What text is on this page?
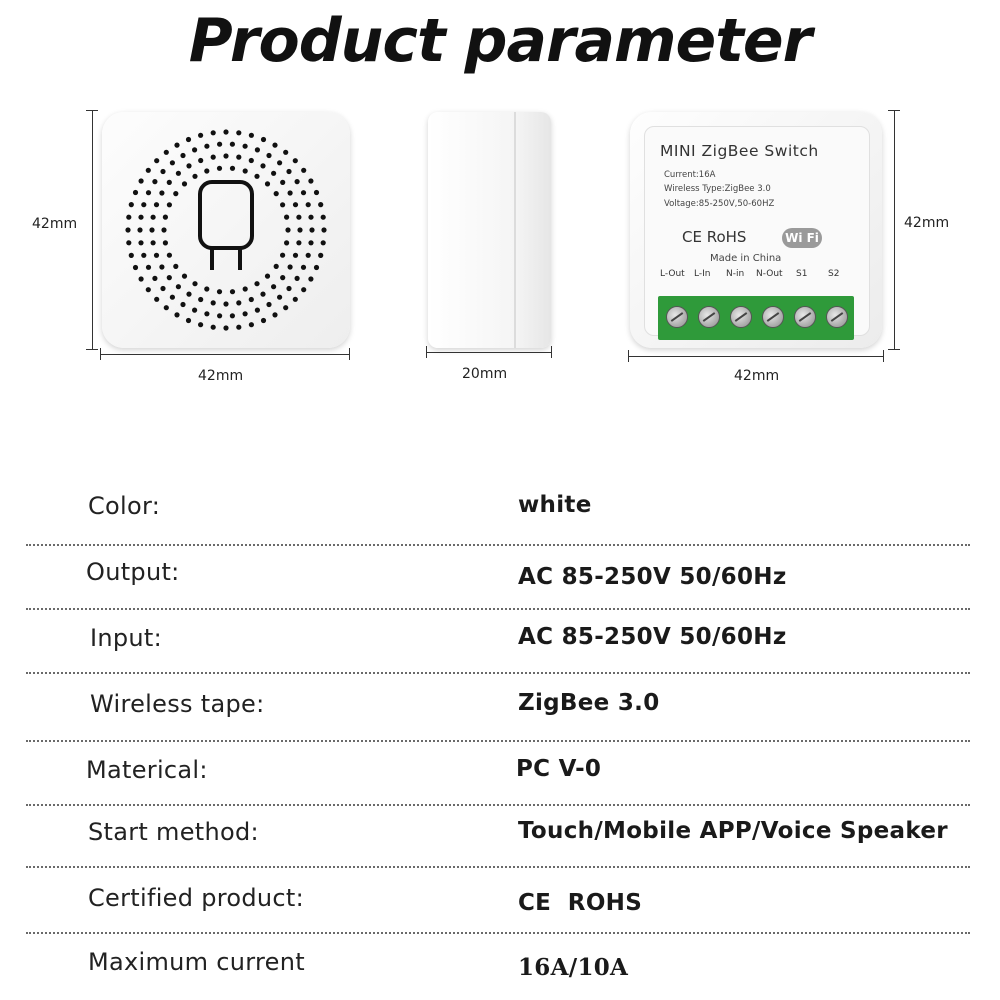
Product parameter
42mm
42mm	20mm
MINI ZigBee Switch
Current:16A
Wireless Type:ZigBee 3.0
Voltage:85-250V,50-60HZ
CE RoHS	Wi Fi
Made in China
L-Out L-In N-in N-Out S1 S2
42mm
42mm
Color:	white
Output:	AC 85-250V 50/60Hz
Input:	AC 85-250V 50/60Hz
Wireless tape:	ZigBee 3.0
Materical:	PC V-0
Start method:	Touch/Mobile APP/Voice Speaker
Certified product:	CE  ROHS
Maximum current	16A/10A
